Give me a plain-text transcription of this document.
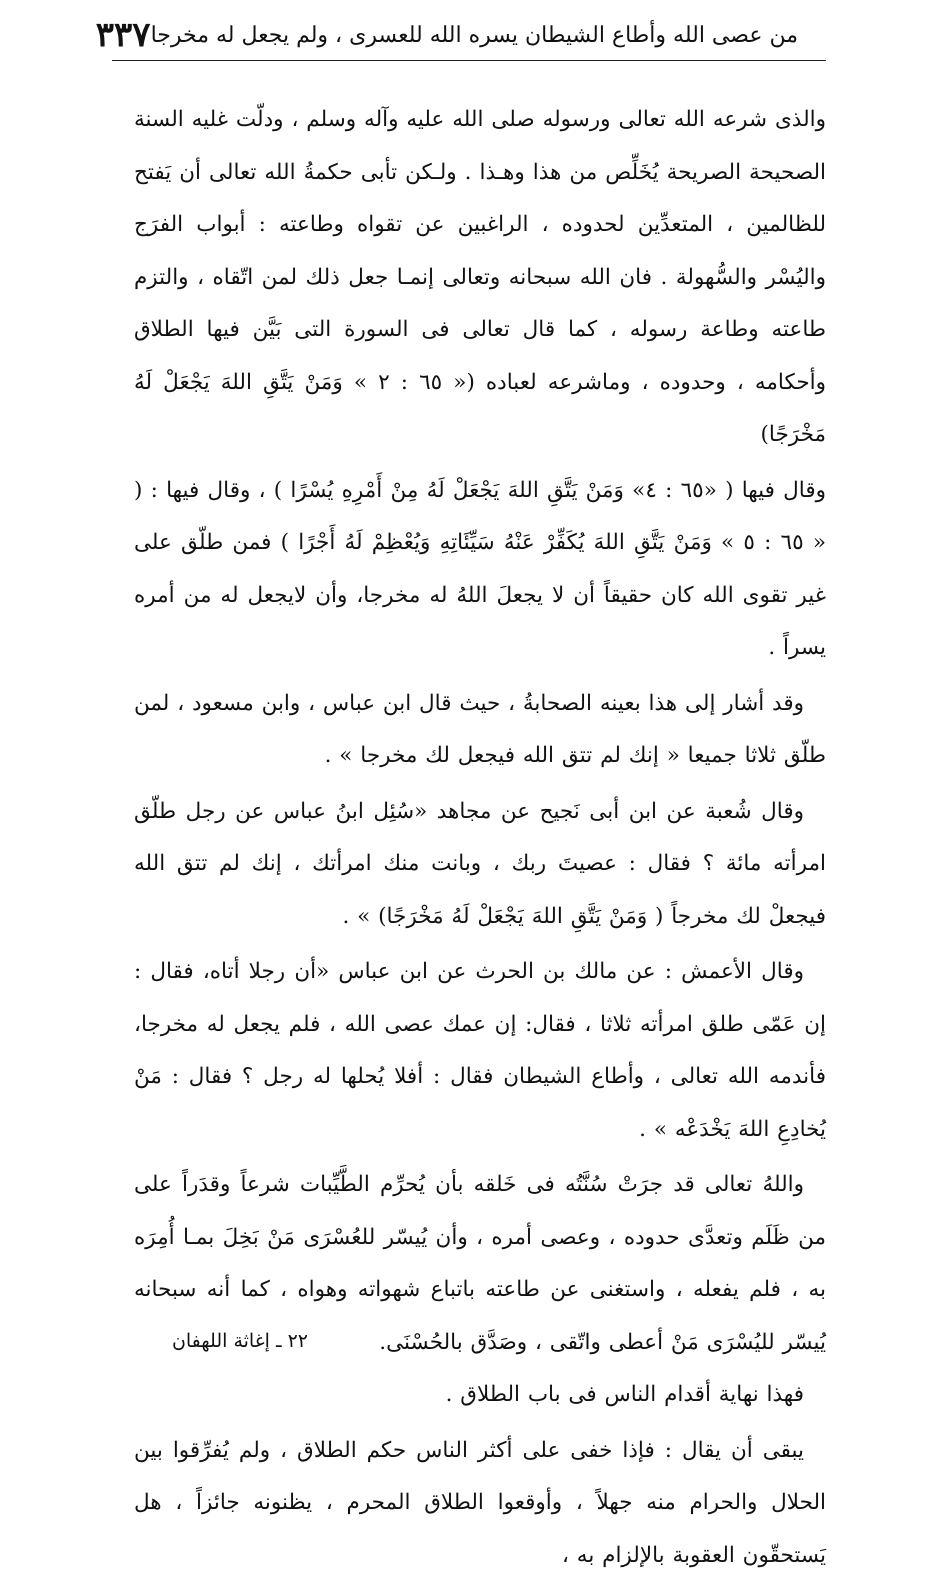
من عصى الله وأطاع الشيطان يسره الله للعسرى ، ولم يجعل له مخرجا
٣٣٧

والذى شرعه الله تعالى ورسوله صلى الله عليه وآله وسلم ، ودلّت غليه السنة الصحيحة الصريحة يُخَلِّص من هذا وهـذا . ولـكن تأبى حكمةُ الله تعالى أن يَفتح للظالمين ، المتعدِّين لحدوده ، الراغبين عن تقواه وطاعته : أبواب الفرَج واليُسْر والسُّهولة . فان الله سبحانه وتعالى إنمـا جعل ذلك لمن اتّقاه ، والتزم طاعته وطاعة رسوله ، كما قال تعالى فى السورة التى بَيَّن فيها الطلاق وأحكامه ، وحدوده ، وماشرعه لعباده (« ٦٥ : ٢ » وَمَنْ يَتَّقِ اللهَ يَجْعَلْ لَهُ مَخْرَجًا)

وقال فيها ( «٦٥ : ٤» وَمَنْ يَتَّقِ اللهَ يَجْعَلْ لَهُ مِنْ أَمْرِهِ يُسْرًا ) ، وقال فيها : ( « ٦٥ : ٥ » وَمَنْ يَتَّقِ اللهَ يُكَفِّرْ عَنْهُ سَيِّئَاتِهِ وَيُعْظِمْ لَهُ أَجْرًا ) فمن طلّق على غير تقوى الله كان حقيقاً أن لا يجعلَ اللهُ له مخرجا، وأن لايجعل له من أمره يسراً .

وقد أشار إلى هذا بعينه الصحابةُ ، حيث قال ابن عباس ، وابن مسعود ، لمن طلّق ثلاثا جميعا « إنك لم تتق الله فيجعل لك مخرجا » .

وقال شُعبة عن ابن أبى نَجيح عن مجاهد «سُئِل ابنُ عباس عن رجل طلّق امرأته مائة ؟ فقال : عصيتَ ربك ، وبانت منك امرأتك ، إنك لم تتق الله فيجعلْ لك مخرجاً ( وَمَنْ يَتَّقِ اللهَ يَجْعَلْ لَهُ مَخْرَجًا) » .

وقال الأعمش : عن مالك بن الحرث عن ابن عباس «أن رجلا أتاه، فقال : إن عَمّى طلق امرأته ثلاثا ، فقال: إن عمك عصى الله ، فلم يجعل له مخرجا، فأندمه الله تعالى ، وأطاع الشيطان فقال : أفلا يُحلها له رجل ؟ فقال : مَنْ يُخادِعِ اللهَ يَخْدَعْه » .

واللهُ تعالى قد جرَتْ سُنَّتُه فى خَلقه بأن يُحرِّم الطَّيِّبات شرعاً وقدَراً على من ظَلَم وتعدَّى حدوده ، وعصى أمره ، وأن يُيسّر للعُسْرَى مَنْ بَخِلَ بمـا أُمِرَه به ، فلم يفعله ، واستغنى عن طاعته باتباع شهواته وهواه ، كما أنه سبحانه يُيسّر لليُسْرَى مَنْ أعطى واتّقى ، وصَدَّق بالحُسْنَى.

فهذا نهاية أقدام الناس فى باب الطلاق .

يبقى أن يقال : فإذا خفى على أكثر الناس حكم الطلاق ، ولم يُفرِّقوا بين الحلال والحرام منه جهلاً ، وأوقعوا الطلاق المحرم ، يظنونه جائزاً ، هل يَستحقّون العقوبة بالإلزام به ،

٢٢ ـ إغاثة اللهفان
